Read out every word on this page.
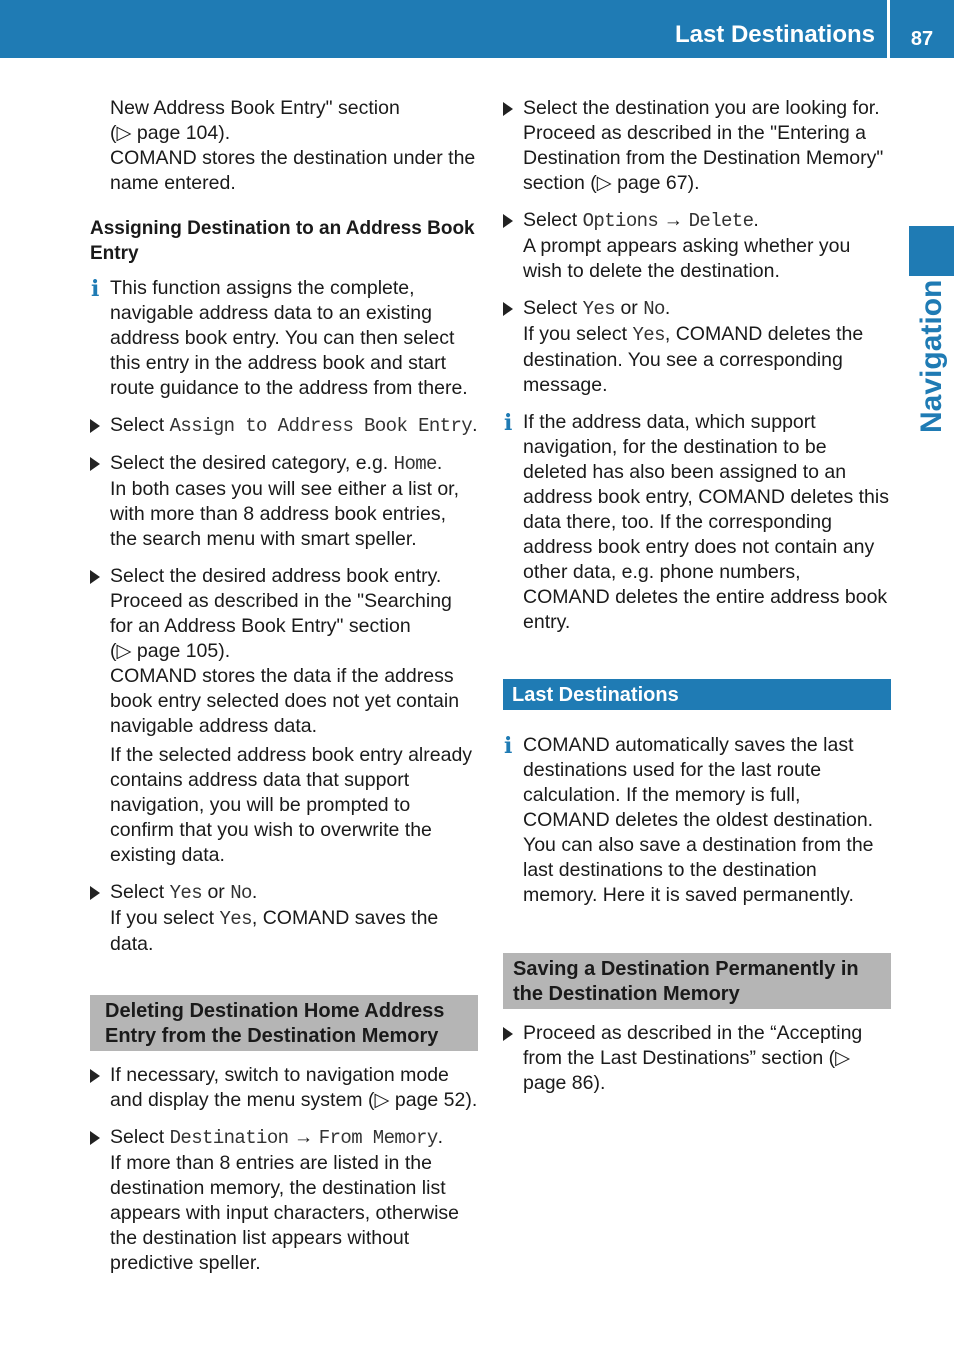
Last Destinations	87
Navigation

New Address Book Entry" section

(▷ page 104).

COMAND stores the destination under the name entered.

Assigning Destination to an Address Book Entry

i This function assigns the complete, navigable address data to an existing address book entry. You can then select this entry in the address book and start route guidance to the address from there.

Select Assign to Address Book Entry.

Select the desired category, e.g. Home.

In both cases you will see either a list or, with more than 8 address book entries, the search menu with smart speller.

Select the desired address book entry.

Proceed as described in the "Searching for an Address Book Entry" section

(▷ page 105).

COMAND stores the data if the address book entry selected does not yet contain navigable address data.

If the selected address book entry already contains address data that support navigation, you will be prompted to confirm that you wish to overwrite the existing data.

Select Yes or No.

If you select Yes, COMAND saves the data.

Deleting Destination Home Address Entry from the Destination Memory

If necessary, switch to navigation mode and display the menu system (▷ page 52).

Select Destination → From Memory.

If more than 8 entries are listed in the destination memory, the destination list appears with input characters, otherwise the destination list appears without predictive speller.

Select the destination you are looking for. Proceed as described in the "Entering a Destination from the Destination Memory" section (▷ page 67).

Select Options → Delete.

A prompt appears asking whether you wish to delete the destination.

Select Yes or No.

If you select Yes, COMAND deletes the destination. You see a corresponding message.

i If the address data, which support navigation, for the destination to be deleted has also been assigned to an address book entry, COMAND deletes this data there, too. If the corresponding address book entry does not contain any other data, e.g. phone numbers, COMAND deletes the entire address book entry.

Last Destinations

i COMAND automatically saves the last destinations used for the last route calculation. If the memory is full, COMAND deletes the oldest destination. You can also save a destination from the last destinations to the destination memory. Here it is saved permanently.

Saving a Destination Permanently in the Destination Memory

Proceed as described in the “Accepting from the Last Destinations” section (▷ page 86).
